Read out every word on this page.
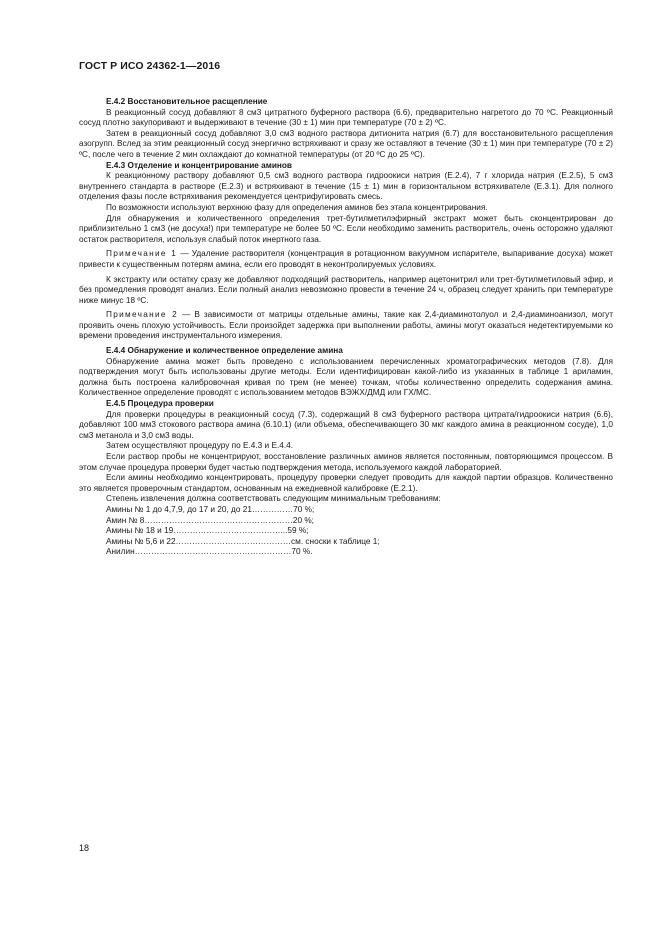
ГОСТ Р ИСО 24362-1—2016

Е.4.2 Восстановительное расщепление

В реакционный сосуд добавляют 8 см3 цитратного буферного раствора (6.6), предварительно нагретого до 70 ºС. Реакционный сосуд плотно закупоривают и выдерживают в течение (30 ± 1) мин при температуре (70 ± 2) ºС.

Затем в реакционный сосуд добавляют 3,0 см3 водного раствора дитионита натрия (6.7) для восстановительного расщепления азогрупп. Вслед за этим реакционный сосуд энергично встряхивают и сразу же оставляют в течение (30 ± 1) мин при температуре (70 ± 2) ºС, после чего в течение 2 мин охлаждают до комнатной температуры (от 20 ºС до 25 ºС).

Е.4.3 Отделение и концентрирование аминов

К реакционному раствору добавляют 0,5 см3 водного раствора гидроокиси натрия (Е.2.4), 7 г хлорида натрия (Е.2.5), 5 см3 внутреннего стандарта в растворе (Е.2.3) и встряхивают в течение (15 ± 1) мин в горизонтальном встряхивателе (Е.3.1). Для полного отделения фазы после встряхивания рекомендуется центрифугировать смесь.

По возможности используют верхнюю фазу для определения аминов без этапа концентрирования.

Для обнаружения и количественного определения трет-бутилметилэфирный экстракт может быть сконцентрирован до приблизительно 1 см3 (не досуха!) при температуре не более 50 ºС. Если необходимо заменить растворитель, очень осторожно удаляют остаток растворителя, используя слабый поток инертного газа.

Примечание 1 — Удаление растворителя (концентрация в ротационном вакуумном испарителе, выпаривание досуха) может привести к существенным потерям амина, если его проводят в неконтролируемых условиях.

К экстракту или остатку сразу же добавляют подходящий растворитель, например ацетонитрил или трет-бутилметиловый эфир, и без промедления проводят анализ. Если полный анализ невозможно провести в течение 24 ч, образец следует хранить при температуре ниже минус 18 ºС.

Примечание 2 — В зависимости от матрицы отдельные амины, такие как 2,4-диаминотолуол и 2,4-диаминоанизол, могут проявить очень плохую устойчивость. Если произойдет задержка при выполнении работы, амины могут оказаться недетектируемыми ко времени проведения инструментального измерения.

Е.4.4 Обнаружение и количественное определение амина

Обнаружение амина может быть проведено с использованием перечисленных хроматографических методов (7.8). Для подтверждения могут быть использованы другие методы. Если идентифицирован какой-либо из указанных в таблице 1 ариламин, должна быть построена калибровочная кривая по трем (не менее) точкам, чтобы количественно определить содержания амина. Количественное определение проводят с использованием методов ВЭЖХ/ДМД или ГХ/МС.

Е.4.5 Процедура проверки

Для проверки процедуры в реакционный сосуд (7.3), содержащий 8 см3 буферного раствора цитрата/гидроокиси натрия (6.6), добавляют 100 мм3 стокового раствора амина (6.10.1) (или объема, обеспечивающего 30 мкг каждого амина в реакционном сосуде), 1,0 см3 метанола и 3,0 см3 воды.

Затем осуществляют процедуру по Е.4.3 и Е.4.4.

Если раствор пробы не концентрируют, восстановление различных аминов является постоянным, повторяющимся процессом. В этом случае процедура проверки будет частью подтверждения метода, используемого каждой лабораторией.

Если амины необходимо концентрировать, процедуру проверки следует проводить для каждой партии образцов. Количественно это является проверочным стандартом, основанным на ежедневной калибровке (Е.2.1).

Степень извлечения должна соответствовать следующим минимальным требованиям:

Амины № 1 до 4,7,9, до 17 и 20, до 21……………70 %;

Амин № 8………………………………………………20 %;

Амины № 18 и 19…………………………………...59 %;

Амины № 5,6 и 22……………………………………см. сноски к таблице 1;

Анилин…………………………………………………70 %.

18
